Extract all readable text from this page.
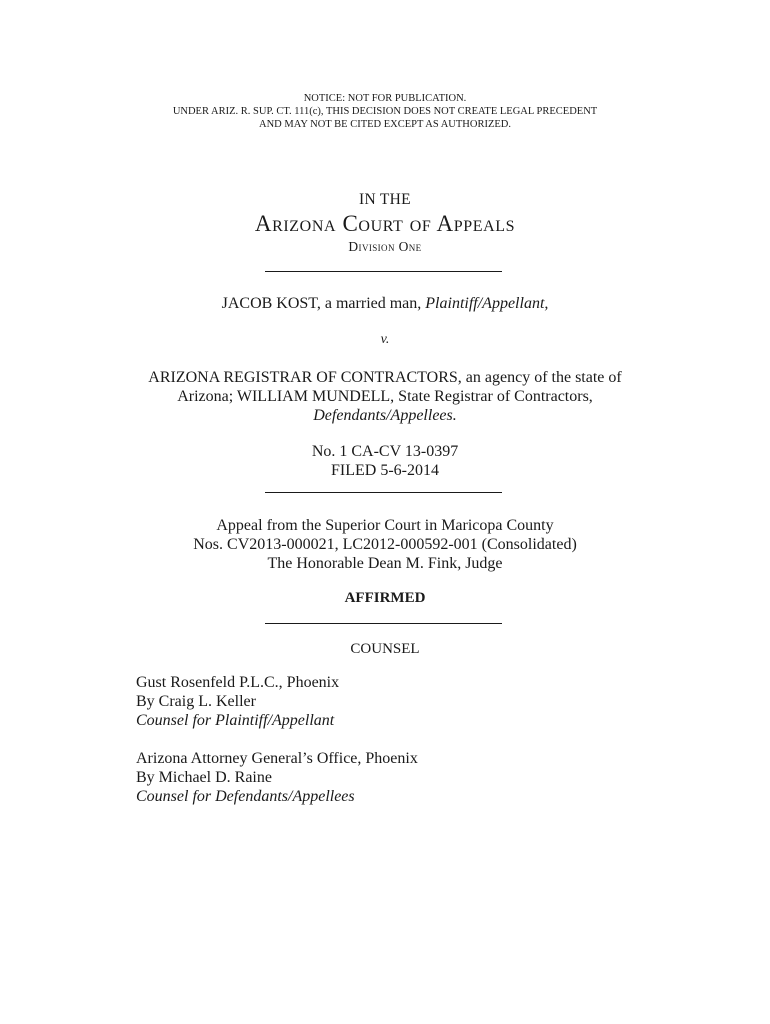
NOTICE: NOT FOR PUBLICATION.
UNDER ARIZ. R. SUP. CT. 111(c), THIS DECISION DOES NOT CREATE LEGAL PRECEDENT
AND MAY NOT BE CITED EXCEPT AS AUTHORIZED.
IN THE
Arizona Court of Appeals
Division One
JACOB KOST, a married man, Plaintiff/Appellant,
v.
ARIZONA REGISTRAR OF CONTRACTORS, an agency of the state of
Arizona; WILLIAM MUNDELL, State Registrar of Contractors,
Defendants/Appellees.
No. 1 CA-CV 13-0397
FILED 5-6-2014
Appeal from the Superior Court in Maricopa County
Nos. CV2013-000021, LC2012-000592-001 (Consolidated)
The Honorable Dean M. Fink, Judge
AFFIRMED
COUNSEL
Gust Rosenfeld P.L.C., Phoenix
By Craig L. Keller
Counsel for Plaintiff/Appellant
Arizona Attorney General’s Office, Phoenix
By Michael D. Raine
Counsel for Defendants/Appellees
